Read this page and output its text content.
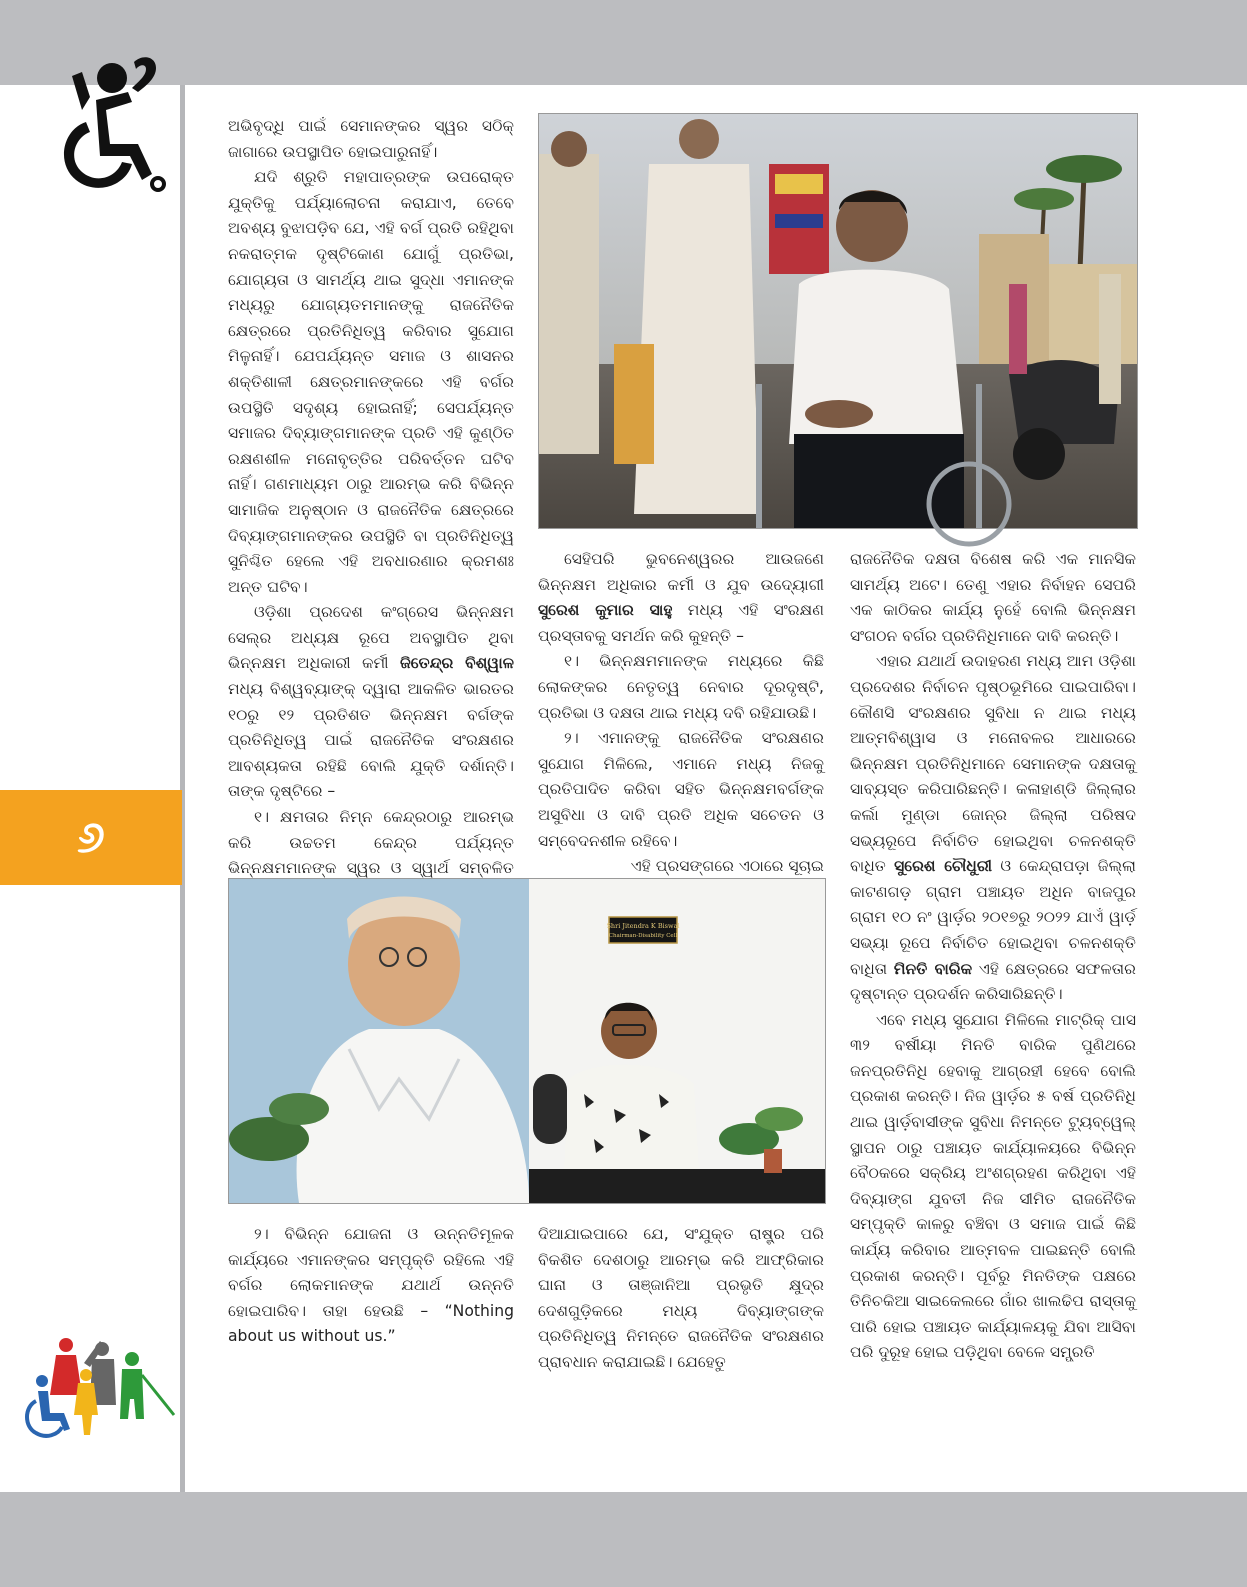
୬

ଅଭିବୃଦ୍ଧି ପାଇଁ ସେମାନଙ୍କର ସ୍ୱର ସଠିକ୍ ଜାଗାରେ ଉପସ୍ଥାପିତ ହୋଇପାରୁନାହିଁ।

ଯଦି ଶ୍ରୁତି ମହାପାତ୍ରଙ୍କ ଉପରୋକ୍ତ ଯୁକ୍ତିକୁ ପର୍ଯ୍ୟାଲୋଚନା କରାଯାଏ, ତେବେ ଅବଶ୍ୟ ବୁଝାପଡ଼ିବ ଯେ, ଏହି ବର୍ଗ ପ୍ରତି ରହିଥିବା ନକରାତ୍ମକ ଦୃଷ୍ଟିକୋଣ ଯୋଗୁଁ ପ୍ରତିଭା, ଯୋଗ୍ୟତା ଓ ସାମର୍ଥ୍ୟ ଥାଇ ସୁଦ୍ଧା ଏମାନଙ୍କ ମଧ୍ୟରୁ ଯୋଗ୍ୟତମମାନଙ୍କୁ ରାଜନୈତିକ କ୍ଷେତ୍ରରେ ପ୍ରତିନିଧିତ୍ୱ କରିବାର ସୁଯୋଗ ମିଳୁନାହିଁ। ଯେପର୍ଯ୍ୟନ୍ତ ସମାଜ ଓ ଶାସନର ଶକ୍ତିଶାଳୀ କ୍ଷେତ୍ରମାନଙ୍କରେ ଏହି ବର୍ଗର ଉପସ୍ଥିତି ସଦୃଶ୍ୟ ହୋଇନାହିଁ; ସେପର୍ଯ୍ୟନ୍ତ ସମାଜର ଦିବ୍ୟାଙ୍ଗମାନଙ୍କ ପ୍ରତି ଏହି କୁଣ୍ଠିତ ରକ୍ଷଣଶୀଳ ମନୋବୃତ୍ତିର ପରିବର୍ତ୍ତନ ଘଟିବ ନାହିଁ। ଗଣମାଧ୍ୟମ ଠାରୁ ଆରମ୍ଭ କରି ବିଭିନ୍ନ ସାମାଜିକ ଅନୁଷ୍ଠାନ ଓ ରାଜନୈତିକ କ୍ଷେତ୍ରରେ ଦିବ୍ୟାଙ୍ଗମାନଙ୍କର ଉପସ୍ଥିତି ବା ପ୍ରତିନିଧିତ୍ୱ ସୁନିଶ୍ଚିତ ହେଲେ ଏହି ଅବଧାରଣାର କ୍ରମଶଃ ଅନ୍ତ ଘଟିବ।

ଓଡ଼ିଶା ପ୍ରଦେଶ କଂଗ୍ରେସ ଭିନ୍ନକ୍ଷମ ସେଲ୍ର ଅଧ୍ୟକ୍ଷ ରୂପେ ଅବସ୍ଥାପିତ ଥିବା ଭିନ୍ନକ୍ଷମ ଅଧିକାରୀ କର୍ମୀ ଜିତେନ୍ଦ୍ର ବିଶ୍ୱାଳ ମଧ୍ୟ ବିଶ୍ୱବ୍ୟାଙ୍କ୍ ଦ୍ୱାରା ଆକଳିତ ଭାରତର ୧୦ରୁ ୧୨ ପ୍ରତିଶତ ଭିନ୍ନକ୍ଷମ ବର୍ଗଙ୍କ ପ୍ରତିନିଧିତ୍ୱ ପାଇଁ ରାଜନୈତିକ ସଂରକ୍ଷଣର ଆବଶ୍ୟକତା ରହିଛି ବୋଲି ଯୁକ୍ତି ଦର୍ଶାନ୍ତି। ତାଙ୍କ ଦୃଷ୍ଟିରେ –

୧। କ୍ଷମତାର ନିମ୍ନ କେନ୍ଦ୍ରଠାରୁ ଆରମ୍ଭ କରି ଉଚ୍ଚତମ କେନ୍ଦ୍ର ପର୍ଯ୍ୟନ୍ତ ଭିନ୍ନକ୍ଷମମାନଙ୍କ ସ୍ୱର ଓ ସ୍ୱାର୍ଥ ସମ୍ବଳିତ

ସେହିପରି ଭୁବନେଶ୍ୱରର ଆଉଜଣେ ଭିନ୍ନକ୍ଷମ ଅଧିକାର କର୍ମୀ ଓ ଯୁବ ଉଦ୍ୟୋଗୀ ସୁରେଶ କୁମାର ସାହୁ ମଧ୍ୟ ଏହି ସଂରକ୍ଷଣ ପ୍ରସ୍ତାବକୁ ସମର୍ଥନ କରି କୁହନ୍ତି –

୧। ଭିନ୍ନକ୍ଷମମାନଙ୍କ ମଧ୍ୟରେ କିଛି ଲୋକଙ୍କର ନେତୃତ୍ୱ ନେବାର ଦୂରଦୃଷ୍ଟି, ପ୍ରତିଭା ଓ ଦକ୍ଷତା ଥାଇ ମଧ୍ୟ ଦବି ରହିଯାଉଛି।

୨। ଏମାନଙ୍କୁ ରାଜନୈତିକ ସଂରକ୍ଷଣର ସୁଯୋଗ ମିଳିଲେ, ଏମାନେ ମଧ୍ୟ ନିଜକୁ ପ୍ରତିପାଦିତ କରିବା ସହିତ ଭିନ୍ନକ୍ଷମବର୍ଗଙ୍କ ଅସୁବିଧା ଓ ଦାବି ପ୍ରତି ଅଧିକ ସଚେତନ ଓ ସମ୍ବେଦନଶୀଳ ରହିବେ।

ଏହି ପ୍ରସଙ୍ଗରେ ଏଠାରେ ସୂଚାଇ

ରାଜନୈତିକ ଦକ୍ଷତା ବିଶେଷ କରି ଏକ ମାନସିକ ସାମର୍ଥ୍ୟ ଅଟେ। ତେଣୁ ଏହାର ନିର୍ବାହନ ସେପରି ଏକ କାଠିକର କାର୍ଯ୍ୟ ନୁହେଁ ବୋଲି ଭିନ୍ନକ୍ଷମ ସଂଗଠନ ବର୍ଗର ପ୍ରତିନିଧିମାନେ ଦାବି କରନ୍ତି।

ଏହାର ଯଥାର୍ଥ ଉଦାହରଣ ମଧ୍ୟ ଆମ ଓଡ଼ିଶା ପ୍ରଦେଶର ନିର୍ବାଚନ ପୃଷ୍ଠଭୂମିରେ ପାଇପାରିବା। କୌଣସି ସଂରକ୍ଷଣର ସୁବିଧା ନ ଥାଇ ମଧ୍ୟ ଆତ୍ମବିଶ୍ୱାସ ଓ ମନୋବଳର ଆଧାରରେ ଭିନ୍ନକ୍ଷମ ପ୍ରତିନିଧିମାନେ ସେମାନଙ୍କ ଦକ୍ଷତାକୁ ସାବ୍ୟସ୍ତ କରିପାରିଛନ୍ତି। କଳାହାଣ୍ଡି ଜିଲ୍ଲାର କର୍ଲା ମୁଣ୍ଡା ଜୋନ୍ର ଜିଲ୍ଲା ପରିଷଦ ସଭ୍ୟରୂପେ ନିର୍ବାଚିତ ହୋଇଥିବା ଚଳନଶକ୍ତି ବାଧିତ ସୁରେଶ ଚୌଧୁରୀ ଓ କେନ୍ଦ୍ରାପଡ଼ା ଜିଲ୍ଲା କାଟଣଗଡ଼ ଗ୍ରାମ ପଞ୍ଚାୟତ ଅଧିନ ବାଜପୁର ଗ୍ରାମ ୧୦ ନଂ ୱାର୍ଡ଼ର ୨୦୧୭ରୁ ୨୦୨୨ ଯାଏଁ ୱାର୍ଡ଼ ସଭ୍ୟା ରୂପେ ନିର୍ବାଚିତ ହୋଇଥିବା ଚଳନଶକ୍ତି ବାଧିତା ମିନତି ବାରିକ ଏହି କ୍ଷେତ୍ରରେ ସଫଳତାର ଦୃଷ୍ଟାନ୍ତ ପ୍ରଦର୍ଶନ କରିସାରିଛନ୍ତି।

ଏବେ ମଧ୍ୟ ସୁଯୋଗ ମିଳିଲେ ମାଟ୍ରିକ୍ ପାସ ୩୨ ବର୍ଷୀୟା ମିନତି ବାରିକ ପୁଣିଥରେ ଜନପ୍ରତିନିଧି ହେବାକୁ ଆଗ୍ରହୀ ହେବେ ବୋଲି ପ୍ରକାଶ କରନ୍ତି। ନିଜ ୱାର୍ଡ଼ର ୫ ବର୍ଷ ପ୍ରତିନିଧି ଥାଇ ୱାର୍ଡ଼ବାସୀଙ୍କ ସୁବିଧା ନିମନ୍ତେ ଟ୍ୟୁବ୍ୱେଲ୍ ସ୍ଥାପନ ଠାରୁ ପଞ୍ଚାୟତ କାର୍ଯ୍ୟାଳୟରେ ବିଭିନ୍ନ ବୈଠକରେ ସକ୍ରିୟ ଅଂଶଗ୍ରହଣ କରିଥିବା ଏହି ଦିବ୍ୟାଙ୍ଗ ଯୁବତୀ ନିଜ ସୀମିତ ରାଜନୈତିକ ସମ୍ପୃକ୍ତି କାଳରୁ ବଞ୍ଚିବା ଓ ସମାଜ ପାଇଁ କିଛି କାର୍ଯ୍ୟ କରିବାର ଆତ୍ମବଳ ପାଇଛନ୍ତି ବୋଲି ପ୍ରକାଶ କରନ୍ତି। ପୂର୍ବରୁ ମିନତିଙ୍କ ପକ୍ଷରେ ତିନିଚକିଆ ସାଇକେଲରେ ଗାଁର ଖାଲଢିପ ରାସ୍ତାକୁ ପାରି ହୋଇ ପଞ୍ଚାୟତ କାର୍ଯ୍ୟାଳୟକୁ ଯିବା ଆସିବା ପରି ଦୁରୂହ ହୋଇ ପଡ଼ିଥିବା ବେଳେ ସମ୍ପ୍ରତି

Shri Jitendra K Biswal
Chairman-Disability Cell

୨। ବିଭିନ୍ନ ଯୋଜନା ଓ ଉନ୍ନତିମୂଳକ କାର୍ଯ୍ୟରେ ଏମାନଙ୍କର ସମ୍ପୃକ୍ତି ରହିଲେ ଏହି ବର୍ଗର ଲୋକମାନଙ୍କ ଯଥାର୍ଥ ଉନ୍ନତି ହୋଇପାରିବ। ତାହା ହେଉଛି – “Nothing about us without us.”

ଦିଆଯାଇପାରେ ଯେ, ସଂଯୁକ୍ତ ରାଷ୍ଟ୍ର ପରି ବିକଶିତ ଦେଶଠାରୁ ଆରମ୍ଭ କରି ଆଫ୍ରିକାର ଘାନା ଓ ତାଞ୍ଜାନିଆ ପ୍ରଭୃତି କ୍ଷୁଦ୍ର ଦେଶଗୁଡ଼ିକରେ ମଧ୍ୟ ଦିବ୍ୟାଙ୍ଗଙ୍କ ପ୍ରତିନିଧିତ୍ୱ ନିମନ୍ତେ ରାଜନୈତିକ ସଂରକ୍ଷଣର ପ୍ରାବଧାନ କରାଯାଇଛି। ଯେହେତୁ
